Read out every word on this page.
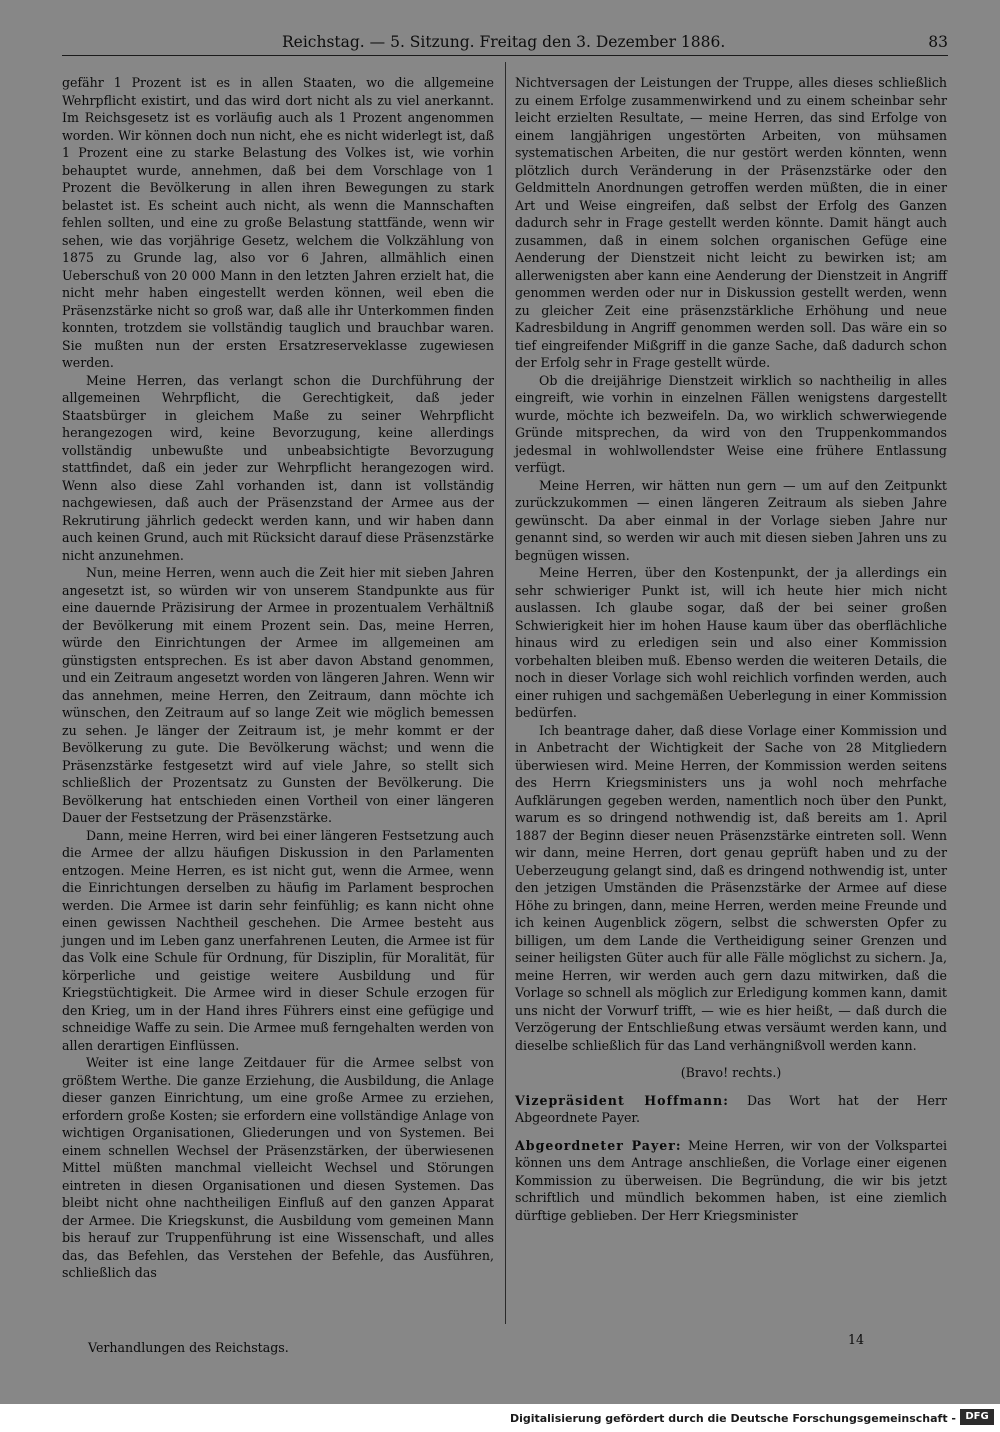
Reichstag. — 5. Sitzung. Freitag den 3. Dezember 1886.	83

gefähr 1 Prozent ist es in allen Staaten, wo die allgemeine Wehrpflicht existirt, und das wird dort nicht als zu viel anerkannt. Im Reichsgesetz ist es vorläufig auch als 1 Prozent angenommen worden. Wir können doch nun nicht, ehe es nicht widerlegt ist, daß 1 Prozent eine zu starke Belastung des Volkes ist, wie vorhin behauptet wurde, annehmen, daß bei dem Vorschlage von 1 Prozent die Bevölkerung in allen ihren Bewegungen zu stark belastet ist. Es scheint auch nicht, als wenn die Mannschaften fehlen sollten, und eine zu große Belastung stattfände, wenn wir sehen, wie das vorjährige Gesetz, welchem die Volkzählung von 1875 zu Grunde lag, also vor 6 Jahren, allmählich einen Ueberschuß von 20 000 Mann in den letzten Jahren erzielt hat, die nicht mehr haben eingestellt werden können, weil eben die Präsenzstärke nicht so groß war, daß alle ihr Unterkommen finden konnten, trotzdem sie vollständig tauglich und brauchbar waren. Sie mußten nun der ersten Ersatzreserveklasse zugewiesen werden.

Meine Herren, das verlangt schon die Durchführung der allgemeinen Wehrpflicht, die Gerechtigkeit, daß jeder Staatsbürger in gleichem Maße zu seiner Wehrpflicht herangezogen wird, keine Bevorzugung, keine allerdings vollständig unbewußte und unbeabsichtigte Bevorzugung stattfindet, daß ein jeder zur Wehrpflicht herangezogen wird. Wenn also diese Zahl vorhanden ist, dann ist vollständig nachgewiesen, daß auch der Präsenzstand der Armee aus der Rekrutirung jährlich gedeckt werden kann, und wir haben dann auch keinen Grund, auch mit Rücksicht darauf diese Präsenzstärke nicht anzunehmen.

Nun, meine Herren, wenn auch die Zeit hier mit sieben Jahren angesetzt ist, so würden wir von unserem Standpunkte aus für eine dauernde Präzisirung der Armee in prozentualem Verhältniß der Bevölkerung mit einem Prozent sein. Das, meine Herren, würde den Einrichtungen der Armee im allgemeinen am günstigsten entsprechen. Es ist aber davon Abstand genommen, und ein Zeitraum angesetzt worden von längeren Jahren. Wenn wir das annehmen, meine Herren, den Zeitraum, dann möchte ich wünschen, den Zeitraum auf so lange Zeit wie möglich bemessen zu sehen. Je länger der Zeitraum ist, je mehr kommt er der Bevölkerung zu gute. Die Bevölkerung wächst; und wenn die Präsenzstärke festgesetzt wird auf viele Jahre, so stellt sich schließlich der Prozentsatz zu Gunsten der Bevölkerung. Die Bevölkerung hat entschieden einen Vortheil von einer längeren Dauer der Festsetzung der Präsenzstärke.

Dann, meine Herren, wird bei einer längeren Festsetzung auch die Armee der allzu häufigen Diskussion in den Parlamenten entzogen. Meine Herren, es ist nicht gut, wenn die Armee, wenn die Einrichtungen derselben zu häufig im Parlament besprochen werden. Die Armee ist darin sehr feinfühlig; es kann nicht ohne einen gewissen Nachtheil geschehen. Die Armee besteht aus jungen und im Leben ganz unerfahrenen Leuten, die Armee ist für das Volk eine Schule für Ordnung, für Disziplin, für Moralität, für körperliche und geistige weitere Ausbildung und für Kriegstüchtigkeit. Die Armee wird in dieser Schule erzogen für den Krieg, um in der Hand ihres Führers einst eine gefügige und schneidige Waffe zu sein. Die Armee muß ferngehalten werden von allen derartigen Einflüssen.

Weiter ist eine lange Zeitdauer für die Armee selbst von größtem Werthe. Die ganze Erziehung, die Ausbildung, die Anlage dieser ganzen Einrichtung, um eine große Armee zu erziehen, erfordern große Kosten; sie erfordern eine vollständige Anlage von wichtigen Organisationen, Gliederungen und von Systemen. Bei einem schnellen Wechsel der Präsenzstärken, der überwiesenen Mittel müßten manchmal vielleicht Wechsel und Störungen eintreten in diesen Organisationen und diesen Systemen. Das bleibt nicht ohne nachtheiligen Einfluß auf den ganzen Apparat der Armee. Die Kriegskunst, die Ausbildung vom gemeinen Mann bis herauf zur Truppenführung ist eine Wissenschaft, und alles das, das Befehlen, das Verstehen der Befehle, das Ausführen, schließlich das

Nichtversagen der Leistungen der Truppe, alles dieses schließlich zu einem Erfolge zusammenwirkend und zu einem scheinbar sehr leicht erzielten Resultate, — meine Herren, das sind Erfolge von einem langjährigen ungestörten Arbeiten, von mühsamen systematischen Arbeiten, die nur gestört werden könnten, wenn plötzlich durch Veränderung in der Präsenzstärke oder den Geldmitteln Anordnungen getroffen werden müßten, die in einer Art und Weise eingreifen, daß selbst der Erfolg des Ganzen dadurch sehr in Frage gestellt werden könnte. Damit hängt auch zusammen, daß in einem solchen organischen Gefüge eine Aenderung der Dienstzeit nicht leicht zu bewirken ist; am allerwenigsten aber kann eine Aenderung der Dienstzeit in Angriff genommen werden oder nur in Diskussion gestellt werden, wenn zu gleicher Zeit eine präsenzstärkliche Erhöhung und neue Kadresbildung in Angriff genommen werden soll. Das wäre ein so tief eingreifender Mißgriff in die ganze Sache, daß dadurch schon der Erfolg sehr in Frage gestellt würde.

Ob die dreijährige Dienstzeit wirklich so nachtheilig in alles eingreift, wie vorhin in einzelnen Fällen wenigstens dargestellt wurde, möchte ich bezweifeln. Da, wo wirklich schwerwiegende Gründe mitsprechen, da wird von den Truppenkommandos jedesmal in wohlwollendster Weise eine frühere Entlassung verfügt.

Meine Herren, wir hätten nun gern — um auf den Zeitpunkt zurückzukommen — einen längeren Zeitraum als sieben Jahre gewünscht. Da aber einmal in der Vorlage sieben Jahre nur genannt sind, so werden wir auch mit diesen sieben Jahren uns zu begnügen wissen.

Meine Herren, über den Kostenpunkt, der ja allerdings ein sehr schwieriger Punkt ist, will ich heute hier mich nicht auslassen. Ich glaube sogar, daß der bei seiner großen Schwierigkeit hier im hohen Hause kaum über das oberflächliche hinaus wird zu erledigen sein und also einer Kommission vorbehalten bleiben muß. Ebenso werden die weiteren Details, die noch in dieser Vorlage sich wohl reichlich vorfinden werden, auch einer ruhigen und sachgemäßen Ueberlegung in einer Kommission bedürfen.

Ich beantrage daher, daß diese Vorlage einer Kommission und in Anbetracht der Wichtigkeit der Sache von 28 Mitgliedern überwiesen wird. Meine Herren, der Kommission werden seitens des Herrn Kriegsministers uns ja wohl noch mehrfache Aufklärungen gegeben werden, namentlich noch über den Punkt, warum es so dringend nothwendig ist, daß bereits am 1. April 1887 der Beginn dieser neuen Präsenzstärke eintreten soll. Wenn wir dann, meine Herren, dort genau geprüft haben und zu der Ueberzeugung gelangt sind, daß es dringend nothwendig ist, unter den jetzigen Umständen die Präsenzstärke der Armee auf diese Höhe zu bringen, dann, meine Herren, werden meine Freunde und ich keinen Augenblick zögern, selbst die schwersten Opfer zu billigen, um dem Lande die Vertheidigung seiner Grenzen und seiner heiligsten Güter auch für alle Fälle möglichst zu sichern. Ja, meine Herren, wir werden auch gern dazu mitwirken, daß die Vorlage so schnell als möglich zur Erledigung kommen kann, damit uns nicht der Vorwurf trifft, — wie es hier heißt, — daß durch die Verzögerung der Entschließung etwas versäumt werden kann, und dieselbe schließlich für das Land verhängnißvoll werden kann.

(Bravo! rechts.)

Vizepräsident Hoffmann: Das Wort hat der Herr Abgeordnete Payer.

Abgeordneter Payer: Meine Herren, wir von der Volkspartei können uns dem Antrage anschließen, die Vorlage einer eigenen Kommission zu überweisen. Die Begründung, die wir bis jetzt schriftlich und mündlich bekommen haben, ist eine ziemlich dürftige geblieben. Der Herr Kriegsminister

Verhandlungen des Reichstags.
14
Digitalisierung gefördert durch die Deutsche Forschungsgemeinschaft - DFG
